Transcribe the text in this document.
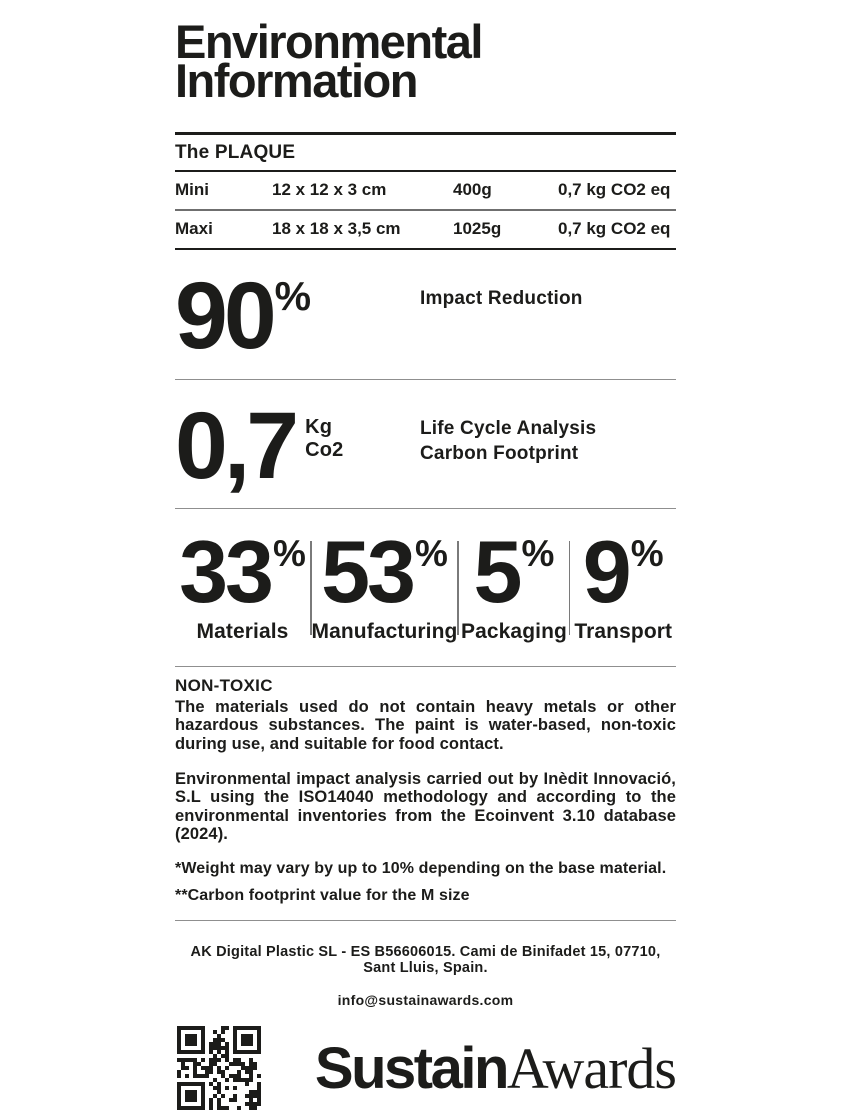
Environmental
Information
The PLAQUE
Mini	12 x 12 x 3 cm	400g	0,7 kg CO2 eq
Maxi	18 x 18 x 3,5 cm	1025g	0,7 kg CO2 eq
90%	Impact Reduction
0,7 Kg
Co2
Life Cycle Analysis
Carbon Footprint
33%
Materials
53%
Manufacturing
5%
Packaging
9%
Transport
NON-TOXIC

The materials used do not contain heavy metals or other hazardous substances. The paint is water-based, non-toxic during use, and suitable for food contact.

Environmental impact analysis carried out by Inèdit Innovació, S.L using the ISO14040 methodology and according to the environmental inventories from the Ecoinvent 3.10 database (2024).

*Weight may vary by up to 10% depending on the base material.
**Carbon footprint value for the M size
AK Digital Plastic SL - ES B56606015. Cami de Binifadet 15, 07710, Sant Lluis, Spain.
info@sustainawards.com
SustainAwards
